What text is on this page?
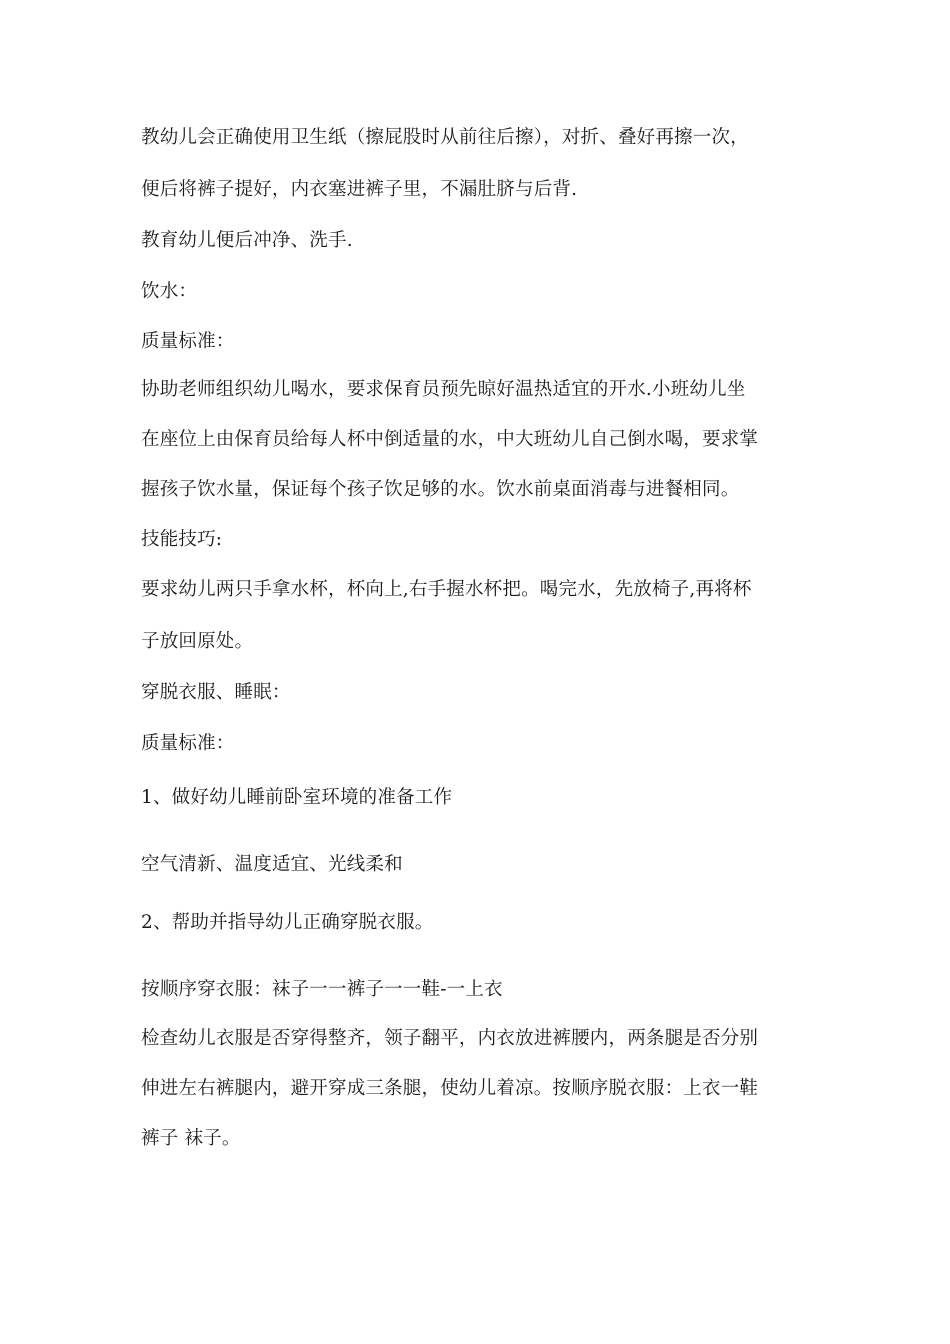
教幼儿会正确使用卫生纸（擦屁股时从前往后擦），对折、叠好再擦一次，
便后将裤子提好，内衣塞进裤子里，不漏肚脐与后背.
教育幼儿便后冲净、洗手.
饮水：
质量标准：
协助老师组织幼儿喝水，要求保育员预先晾好温热适宜的开水.小班幼儿坐
在座位上由保育员给每人杯中倒适量的水，中大班幼儿自己倒水喝，要求掌
握孩子饮水量，保证每个孩子饮足够的水。饮水前桌面消毒与进餐相同。
技能技巧:
要求幼儿两只手拿水杯，杯向上,右手握水杯把。喝完水，先放椅子,再将杯
子放回原处。
穿脱衣服、睡眠：
质量标准：
1、做好幼儿睡前卧室环境的准备工作
空气清新、温度适宜、光线柔和
2、帮助并指导幼儿正确穿脱衣服。
按顺序穿衣服：袜子一一裤子一一鞋-一上衣
检查幼儿衣服是否穿得整齐，领子翻平，内衣放进裤腰内，两条腿是否分别
伸进左右裤腿内，避开穿成三条腿，使幼儿着凉。按顺序脱衣服：上衣一鞋
裤子 袜子。
